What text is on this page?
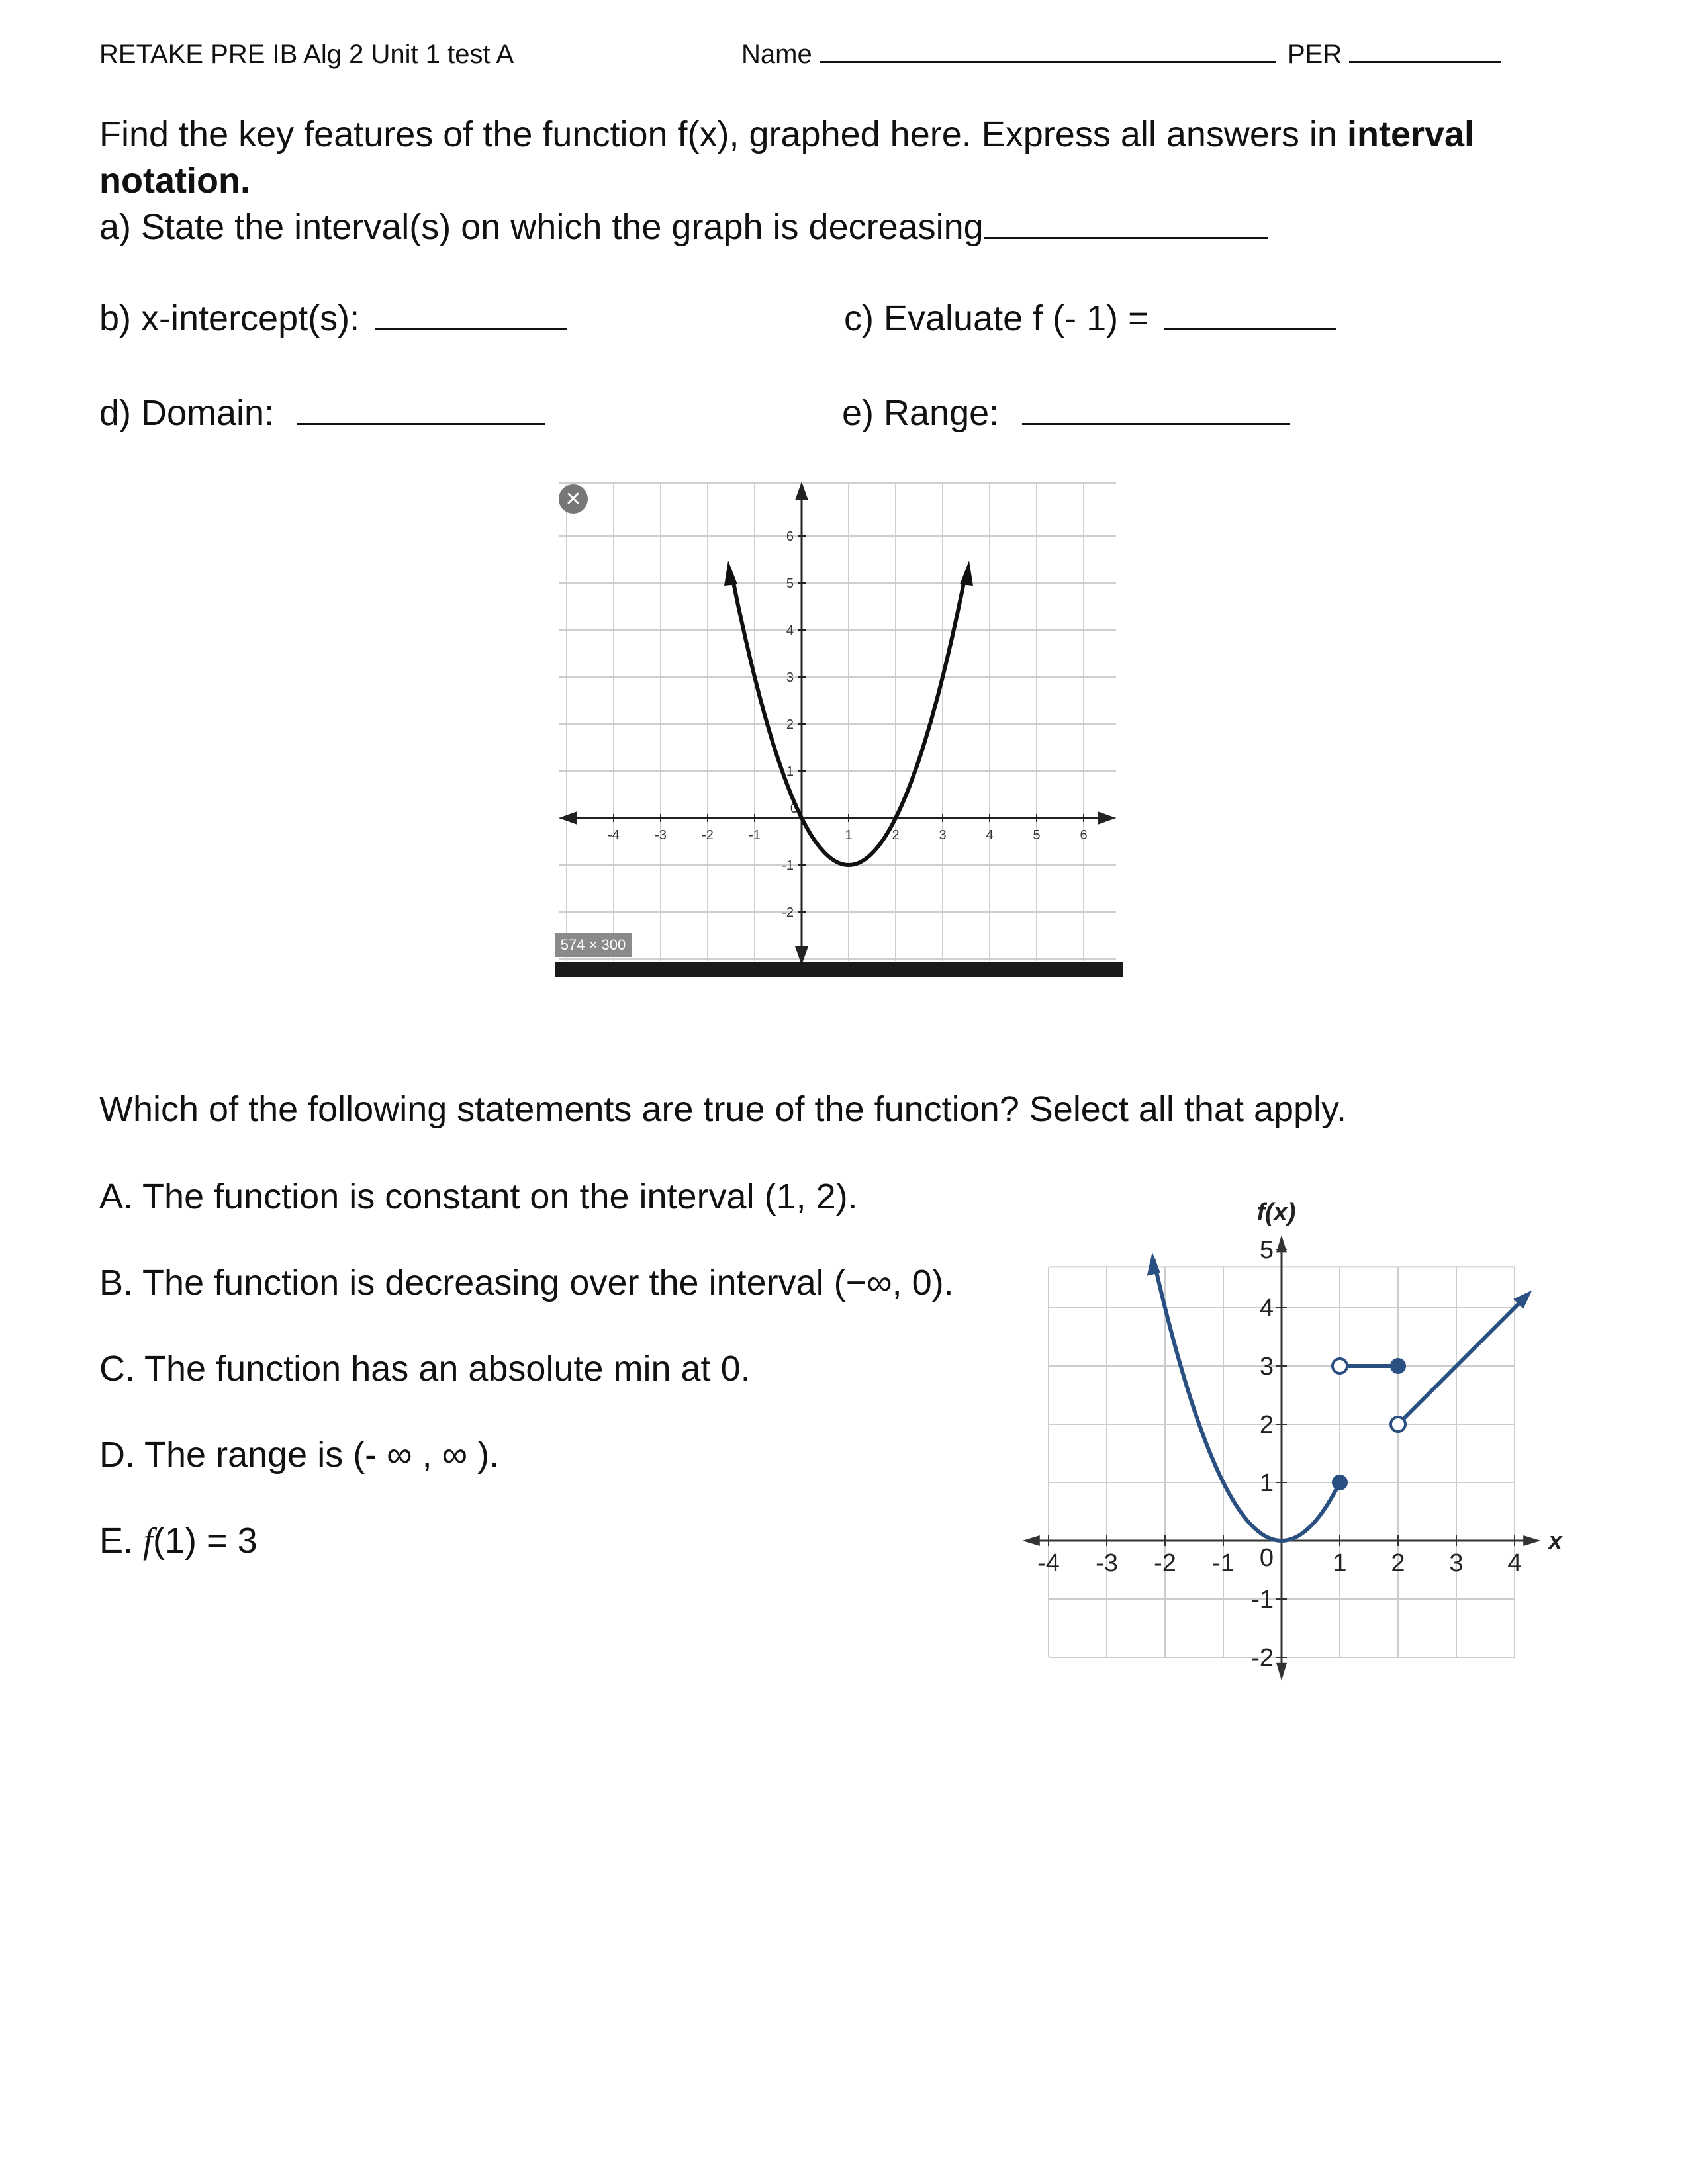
RETAKE PRE IB Alg 2 Unit 1 test A	Name	PER
Find the key features of the function f(x), graphed here. Express all answers in interval
notation.
a) State the interval(s) on which the graph is decreasing
b) x-intercept(s):	c) Evaluate f (- 1) =
d) Domain:	e) Range:
-4	-3	-2	-1	1	2	3	4	5	6
6
5
4
3
2
1
-1
-2
0
✕
574 × 300
Which of the following statements are true of the function? Select all that apply.
A. The function is constant on the interval (1, 2).
B. The function is decreasing over the interval (−∞, 0).
C. The function has an absolute min at 0.
D. The range is (- ∞ , ∞ ).
E. f(1) = 3
f(x)
x
-4 -3 -2 -1	1 2 3 4
5
4
3
2
1
-1
-2
0
